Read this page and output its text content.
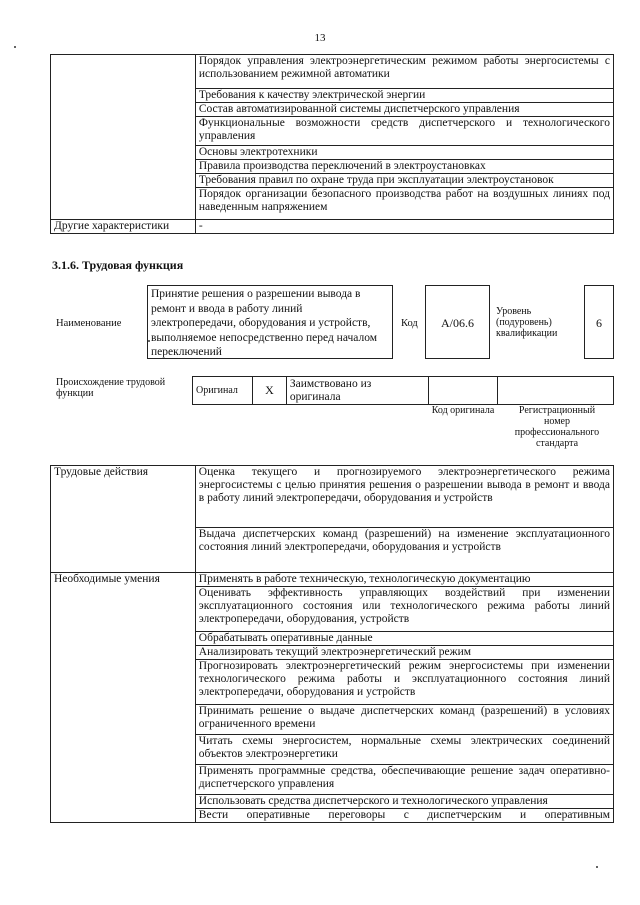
13
	Порядок управления электроэнергетическим режимом работы энергосистемы с использованием режимной автоматики
	Требования к качеству электрической энергии
	Состав автоматизированной системы диспетчерского управления
	Функциональные возможности средств диспетчерского и технологического управления
	Основы электротехники
	Правила производства переключений в электроустановках
	Требования правил по охране труда при эксплуатации электроустановок
	Порядок организации безопасного производства работ на воздушных линиях под наведенным напряжением
Другие характеристики	-
3.1.6. Трудовая функция
Наименование
Принятие решения о разрешении вывода в ремонт и ввода в работу линий электропередачи, оборудования и устройств, выполняемое непосредственно перед началом переключений
Код	A/06.6
Уровень (подуровень) квалификации
6
Происхождение трудовой функции	Оригинал	X	Заимствовано из оригинала		
Код оригинала	Регистрационный номер профессионального стандарта
Трудовые действия	Оценка текущего и прогнозируемого электроэнергетического режима энергосистемы с целью принятия решения о разрешении вывода в ремонт и ввода в работу линий электропередачи, оборудования и устройств
	Выдача диспетчерских команд (разрешений) на изменение эксплуатационного состояния линий электропередачи, оборудования и устройств
Необходимые умения	Применять в работе техническую, технологическую документацию
	Оценивать эффективность управляющих воздействий при изменении эксплуатационного состояния или технологического режима работы линий электропередачи, оборудования, устройств
	Обрабатывать оперативные данные
	Анализировать текущий электроэнергетический режим
	Прогнозировать электроэнергетический режим энергосистемы при изменении технологического режима работы и эксплуатационного состояния линий электропередачи, оборудования и устройств
	Принимать решение о выдаче диспетчерских команд (разрешений) в условиях ограниченного времени
	Читать схемы энергосистем, нормальные схемы электрических соединений объектов электроэнергетики
	Применять программные средства, обеспечивающие решение задач оперативно-диспетчерского управления
	Использовать средства диспетчерского и технологического управления
	Вести оперативные переговоры с диспетчерским и оперативным
